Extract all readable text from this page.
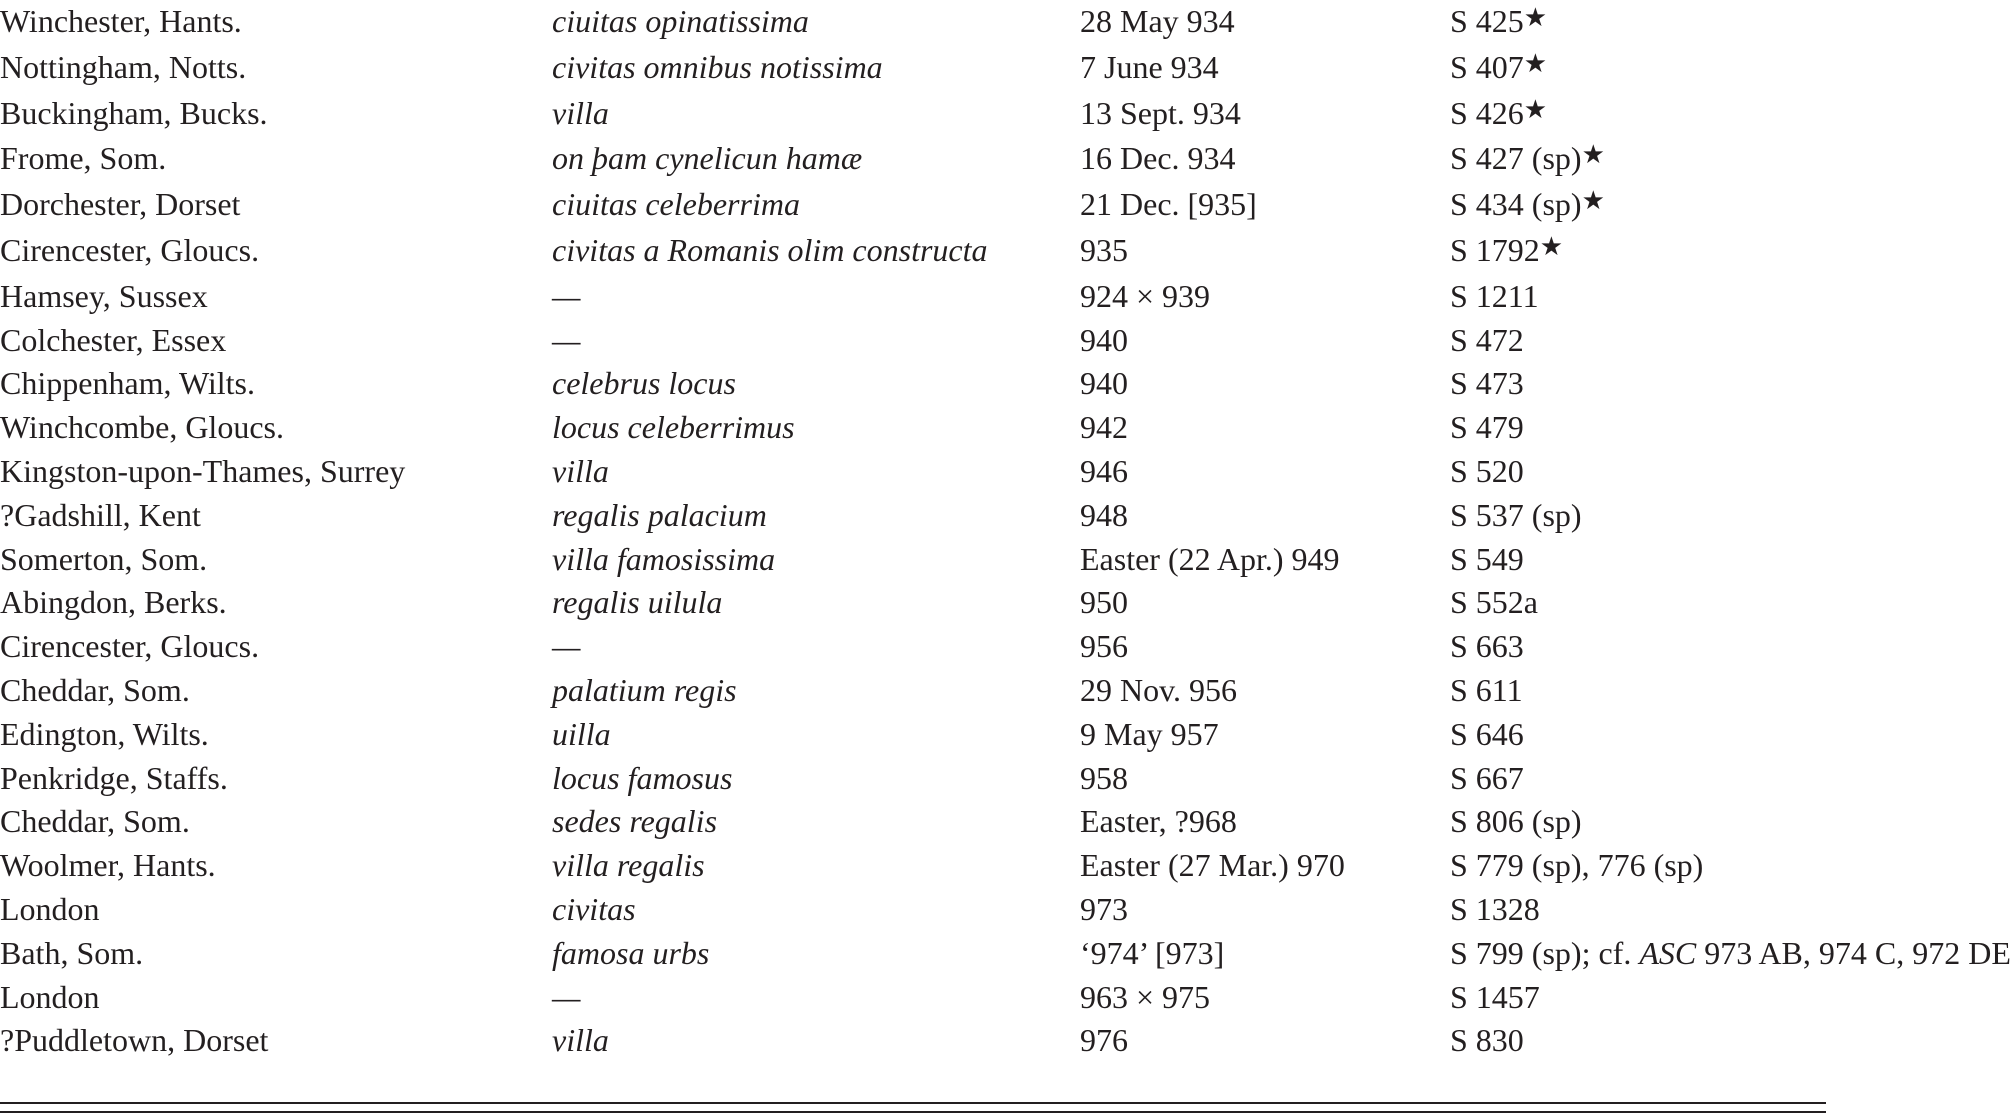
Winchester, Hants.	ciuitas opinatissima	28 May 934	S 425★
Nottingham, Notts.	civitas omnibus notissima	7 June 934	S 407★
Buckingham, Bucks.	villa	13 Sept. 934	S 426★
Frome, Som.	on þam cynelicun hamæ	16 Dec. 934	S 427 (sp)★
Dorchester, Dorset	ciuitas celeberrima	21 Dec. [935]	S 434 (sp)★
Cirencester, Gloucs.	civitas a Romanis olim constructa	935	S 1792★
Hamsey, Sussex	—	924 × 939	S 1211
Colchester, Essex	—	940	S 472
Chippenham, Wilts.	celebrus locus	940	S 473
Winchcombe, Gloucs.	locus celeberrimus	942	S 479
Kingston-upon-Thames, Surrey	villa	946	S 520
?Gadshill, Kent	regalis palacium	948	S 537 (sp)
Somerton, Som.	villa famosissima	Easter (22 Apr.) 949	S 549
Abingdon, Berks.	regalis uilula	950	S 552a
Cirencester, Gloucs.	—	956	S 663
Cheddar, Som.	palatium regis	29 Nov. 956	S 611
Edington, Wilts.	uilla	9 May 957	S 646
Penkridge, Staffs.	locus famosus	958	S 667
Cheddar, Som.	sedes regalis	Easter, ?968	S 806 (sp)
Woolmer, Hants.	villa regalis	Easter (27 Mar.) 970	S 779 (sp), 776 (sp)
London	civitas	973	S 1328
Bath, Som.	famosa urbs	‘974’ [973]	S 799 (sp); cf. ASC 973 AB, 974 C, 972 DE
London	—	963 × 975	S 1457
?Puddletown, Dorset	villa	976	S 830
